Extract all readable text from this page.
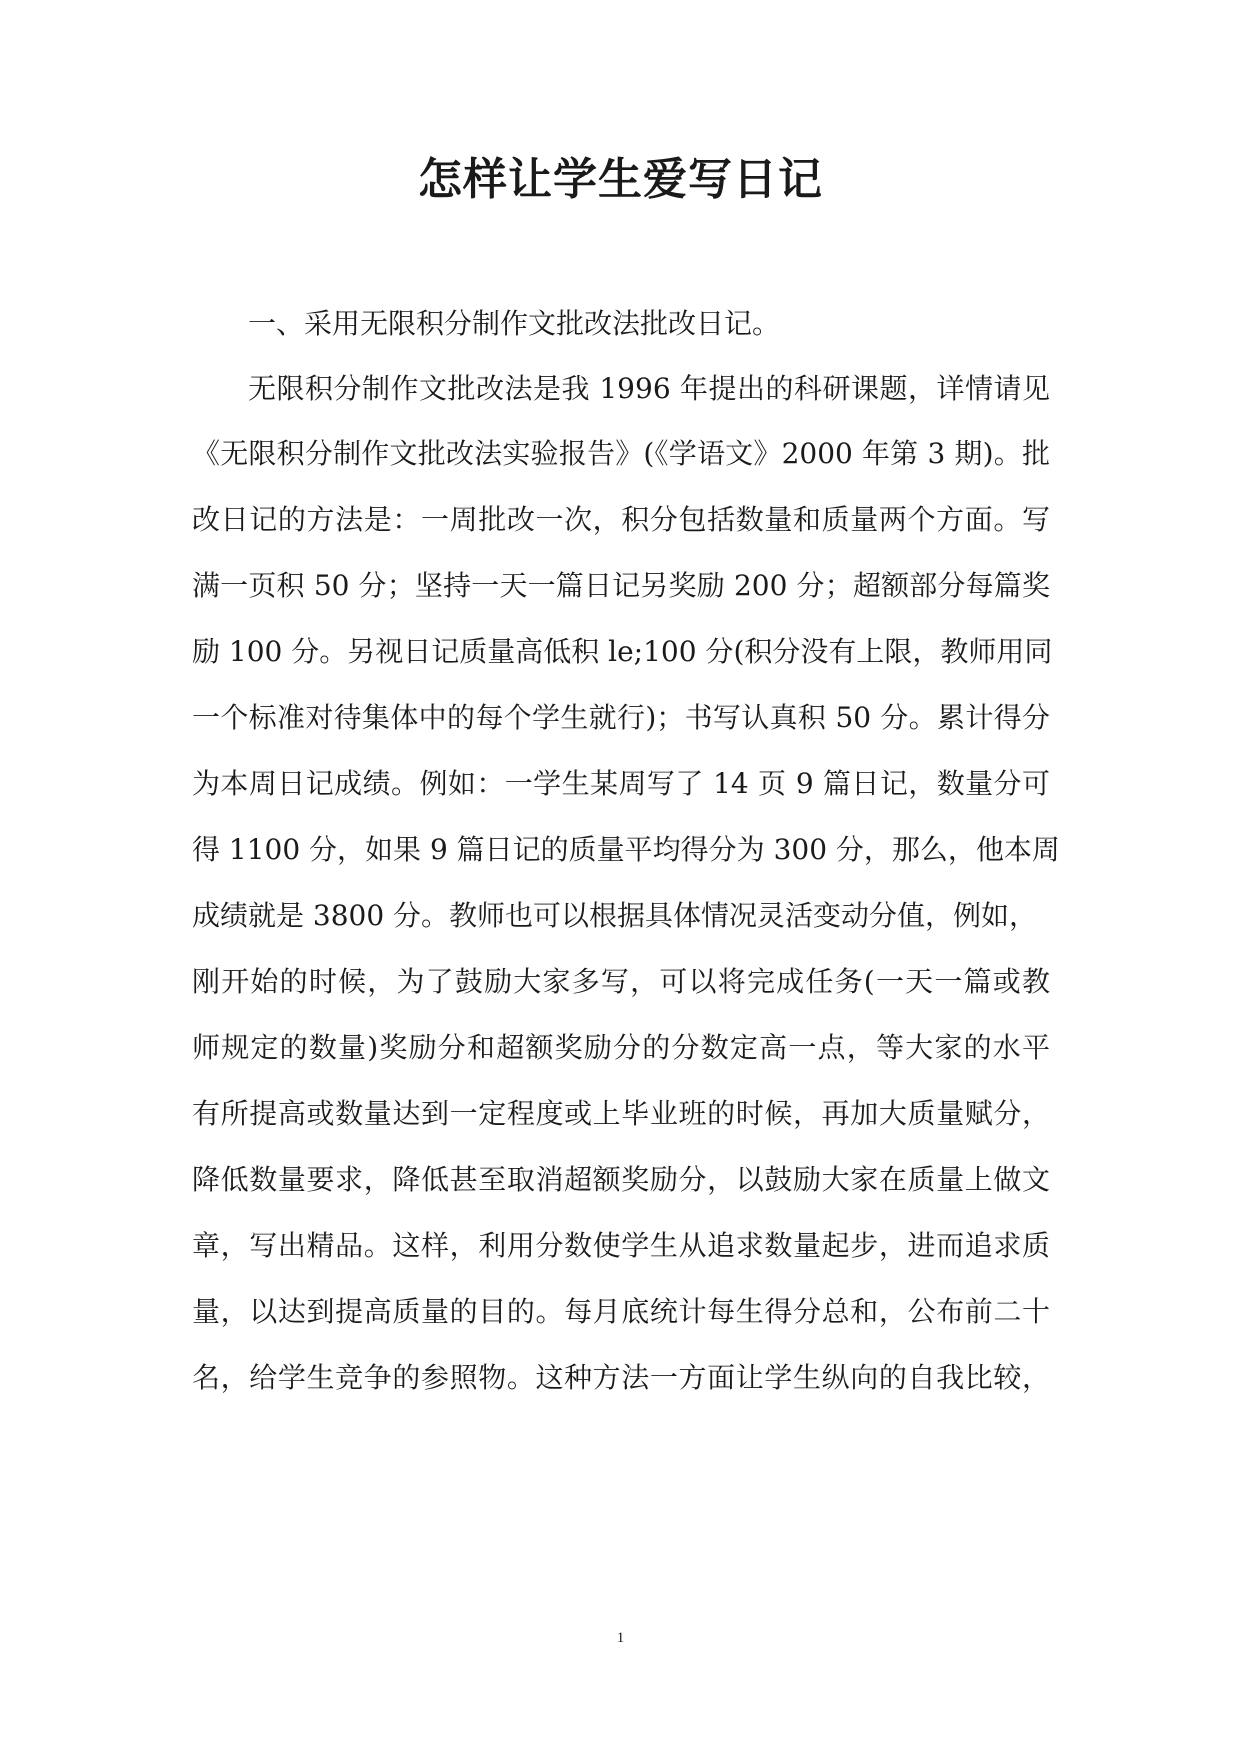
怎样让学生爱写日记
一、采用无限积分制作文批改法批改日记。
无限积分制作文批改法是我 1996 年提出的科研课题，详情请见
《无限积分制作文批改法实验报告》(《学语文》2000 年第 3 期)。批
改日记的方法是：一周批改一次，积分包括数量和质量两个方面。写
满一页积 50 分；坚持一天一篇日记另奖励 200 分；超额部分每篇奖
励 100 分。另视日记质量高低积 le;100 分(积分没有上限，教师用同
一个标准对待集体中的每个学生就行)；书写认真积 50 分。累计得分
为本周日记成绩。例如：一学生某周写了 14 页 9 篇日记，数量分可
得 1100 分，如果 9 篇日记的质量平均得分为 300 分，那么，他本周
成绩就是 3800 分。教师也可以根据具体情况灵活变动分值，例如，
刚开始的时候，为了鼓励大家多写，可以将完成任务(一天一篇或教
师规定的数量)奖励分和超额奖励分的分数定高一点，等大家的水平
有所提高或数量达到一定程度或上毕业班的时候，再加大质量赋分，
降低数量要求，降低甚至取消超额奖励分，以鼓励大家在质量上做文
章，写出精品。这样，利用分数使学生从追求数量起步，进而追求质
量，以达到提高质量的目的。每月底统计每生得分总和，公布前二十
名，给学生竞争的参照物。这种方法一方面让学生纵向的自我比较，
1
